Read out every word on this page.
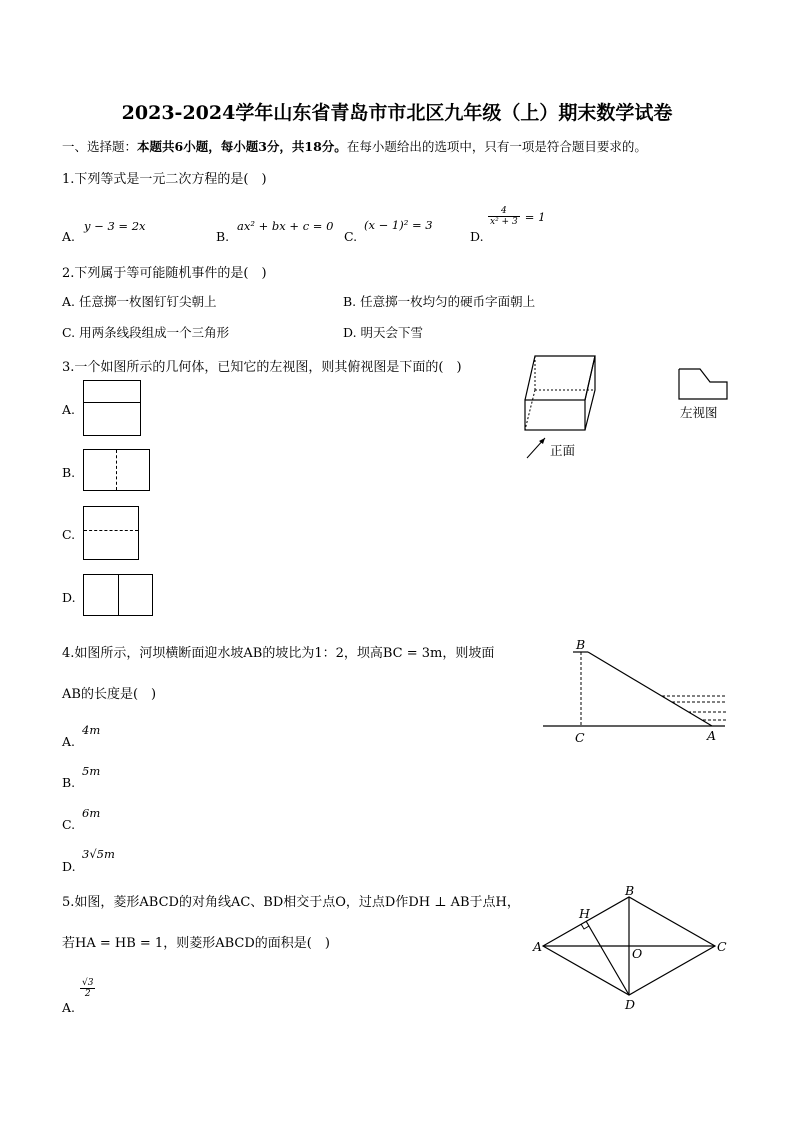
2023-2024学年山东省青岛市市北区九年级（上）期末数学试卷
一、选择题：本题共6小题，每小题3分，共18分。在每小题给出的选项中，只有一项是符合题目要求的。
1.下列等式是一元二次方程的是(　)
A.
y − 3 = 2x
B.
ax² + bx + c = 0
C.
(x − 1)² = 3
D.
$\frac{4}{\text{x² + 3}} = 1$
2.下列属于等可能随机事件的是(　)
A. 任意掷一枚图钉钉尖朝上	B. 任意掷一枚均匀的硬币字面朝上
C. 用两条线段组成一个三角形	D. 明天会下雪
3.一个如图所示的几何体，已知它的左视图，则其俯视图是下面的(　)
正面
左视图
A.
B.
C.
D.
4.如图所示，河坝横断面迎水坡AB的坡比为1：2，坝高BC = 3m，则坡面
AB的长度是(　)
B
C	A
A.
4m
B.
5m
C.
6m
D.
3√5m
5.如图，菱形ABCD的对角线AC、BD相交于点O，过点D作DH ⊥ AB于点H，
若HA = HB = 1，则菱形ABCD的面积是(　)	A
B
C
D
H
O
A.
$\frac{√3}{2}$
